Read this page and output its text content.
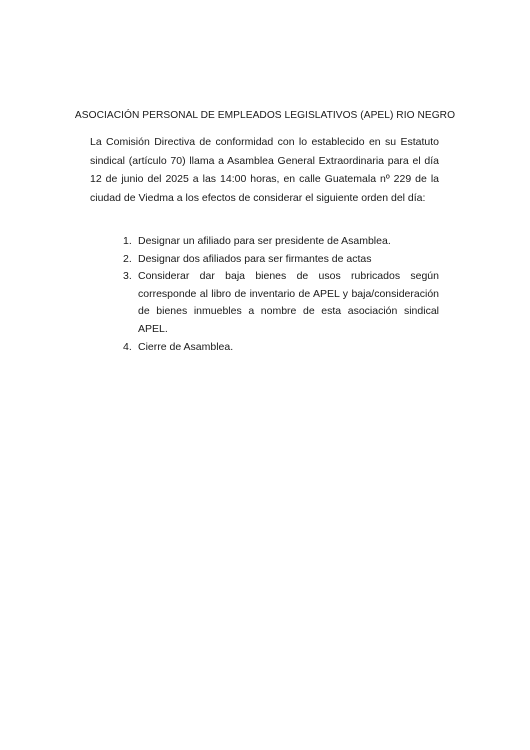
ASOCIACIÓN PERSONAL DE EMPLEADOS LEGISLATIVOS (APEL) RIO NEGRO
La Comisión Directiva de conformidad con lo establecido en su Estatuto sindical (artículo 70) llama a Asamblea General Extraordinaria para el día 12 de junio del 2025 a las 14:00 horas, en calle Guatemala nº 229 de la ciudad de Viedma a los efectos de considerar el siguiente orden del día:
1. Designar un afiliado para ser presidente de Asamblea.
2. Designar dos afiliados para ser firmantes de actas
3. Considerar dar baja bienes de usos rubricados según corresponde al libro de inventario de APEL y baja/consideración de bienes inmuebles a nombre de esta asociación sindical APEL.
4. Cierre de Asamblea.
